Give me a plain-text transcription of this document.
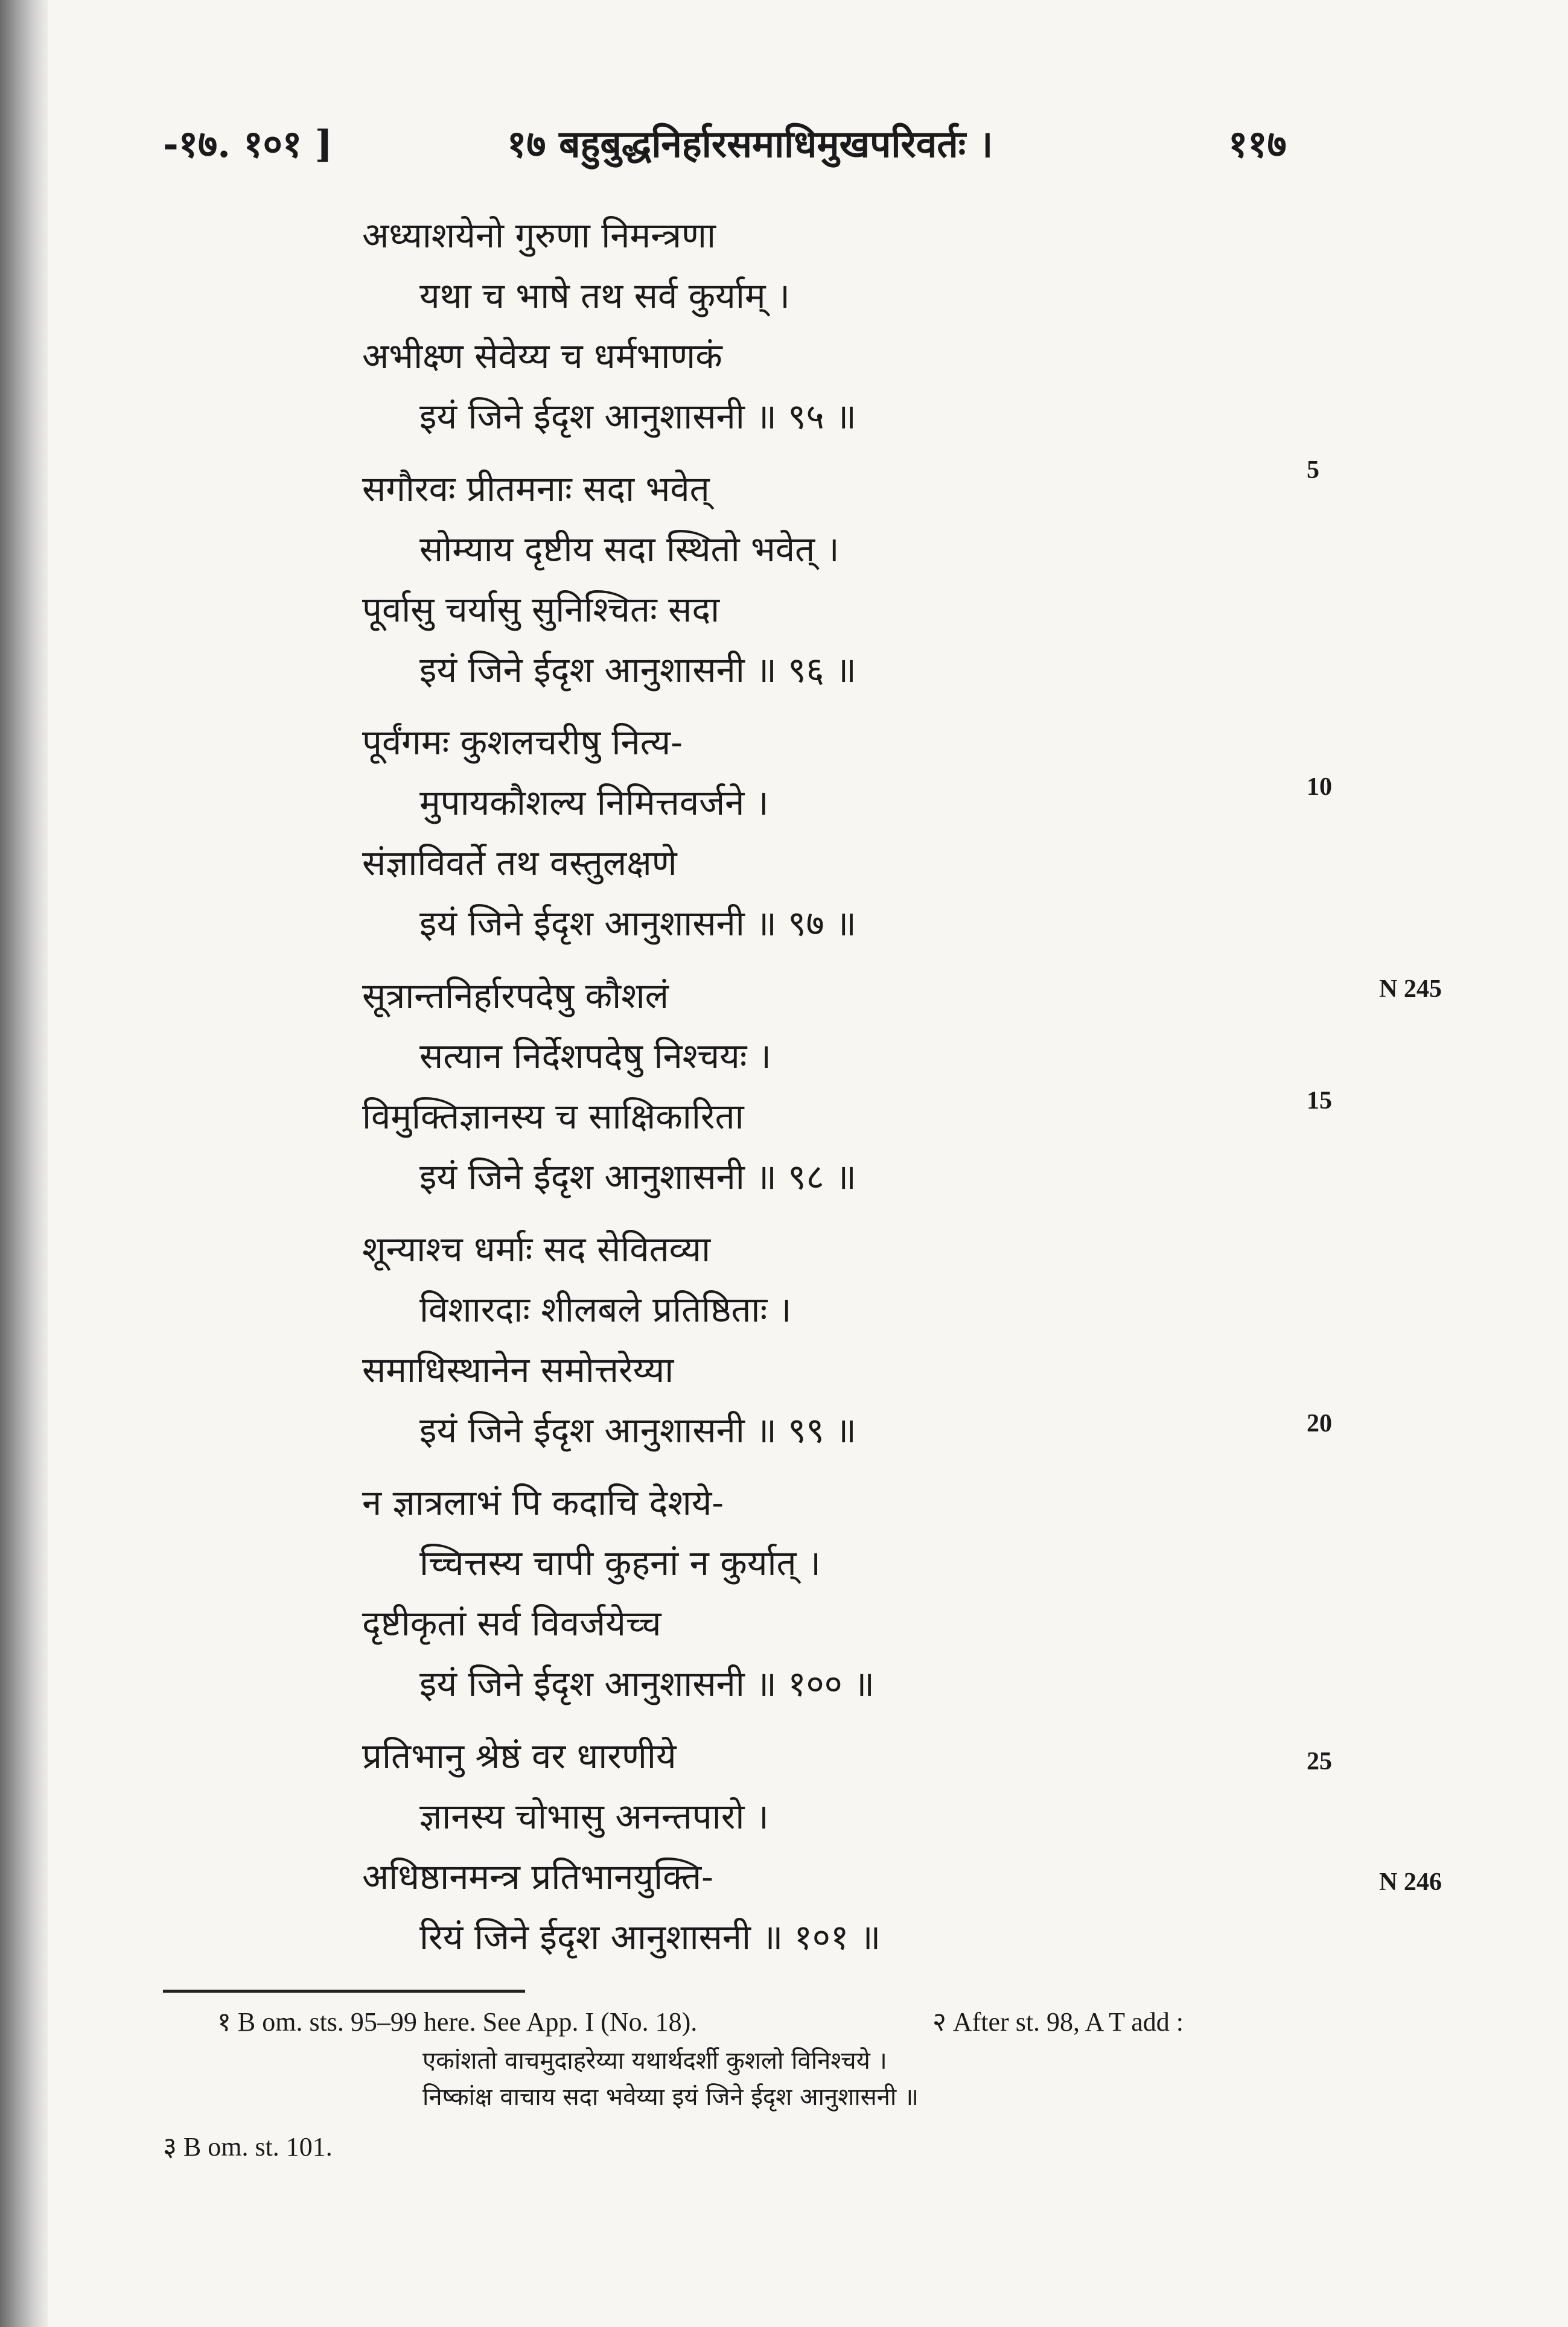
-१७. १०१ ]	१७ बहुबुद्धनिर्हारसमाधिमुखपरिवर्तः ।	११७
अध्याशयेनो गुरुणा निमन्त्रणा
यथा च भाषे तथ सर्व कुर्याम् ।
अभीक्ष्ण सेवेय्य च धर्मभाणकं
इयं जिने ईदृश आनुशासनी ॥ ९५ ॥
सगौरवः प्रीतमनाः सदा भवेत्
सोम्याय दृष्टीय सदा स्थितो भवेत् ।
पूर्वासु चर्यासु सुनिश्चितः सदा
इयं जिने ईदृश आनुशासनी ॥ ९६ ॥
पूर्वंगमः कुशलचरीषु नित्य-
मुपायकौशल्य निमित्तवर्जने ।
संज्ञाविवर्ते तथ वस्तुलक्षणे
इयं जिने ईदृश आनुशासनी ॥ ९७ ॥
सूत्रान्तनिर्हारपदेषु कौशलं
सत्यान निर्देशपदेषु निश्चयः ।
विमुक्तिज्ञानस्य च साक्षिकारिता
इयं जिने ईदृश आनुशासनी ॥ ९८ ॥
शून्याश्च धर्माः सद सेवितव्या
विशारदाः शीलबले प्रतिष्ठिताः ।
समाधिस्थानेन समोत्तरेय्या
इयं जिने ईदृश आनुशासनी ॥ ९९ ॥
न ज्ञात्रलाभं पि कदाचि देशये-
च्चित्तस्य चापी कुहनां न कुर्यात् ।
दृष्टीकृतां सर्व विवर्जयेच्च
इयं जिने ईदृश आनुशासनी ॥ १०० ॥
प्रतिभानु श्रेष्ठं वर धारणीये
ज्ञानस्य चोभासु अनन्तपारो ।
अधिष्ठानमन्त्र प्रतिभानयुक्ति-
रियं जिने ईदृश आनुशासनी ॥ १०१ ॥
5
10
N 245
15
20
25
N 246
१ B om. sts. 95–99 here. See App. I (No. 18).	२ After st. 98, A T add :
एकांशतो वाचमुदाहरेय्या यथार्थदर्शी कुशलो विनिश्चये ।
निष्कांक्ष वाचाय सदा भवेय्या इयं जिने ईदृश आनुशासनी ॥
३ B om. st. 101.
